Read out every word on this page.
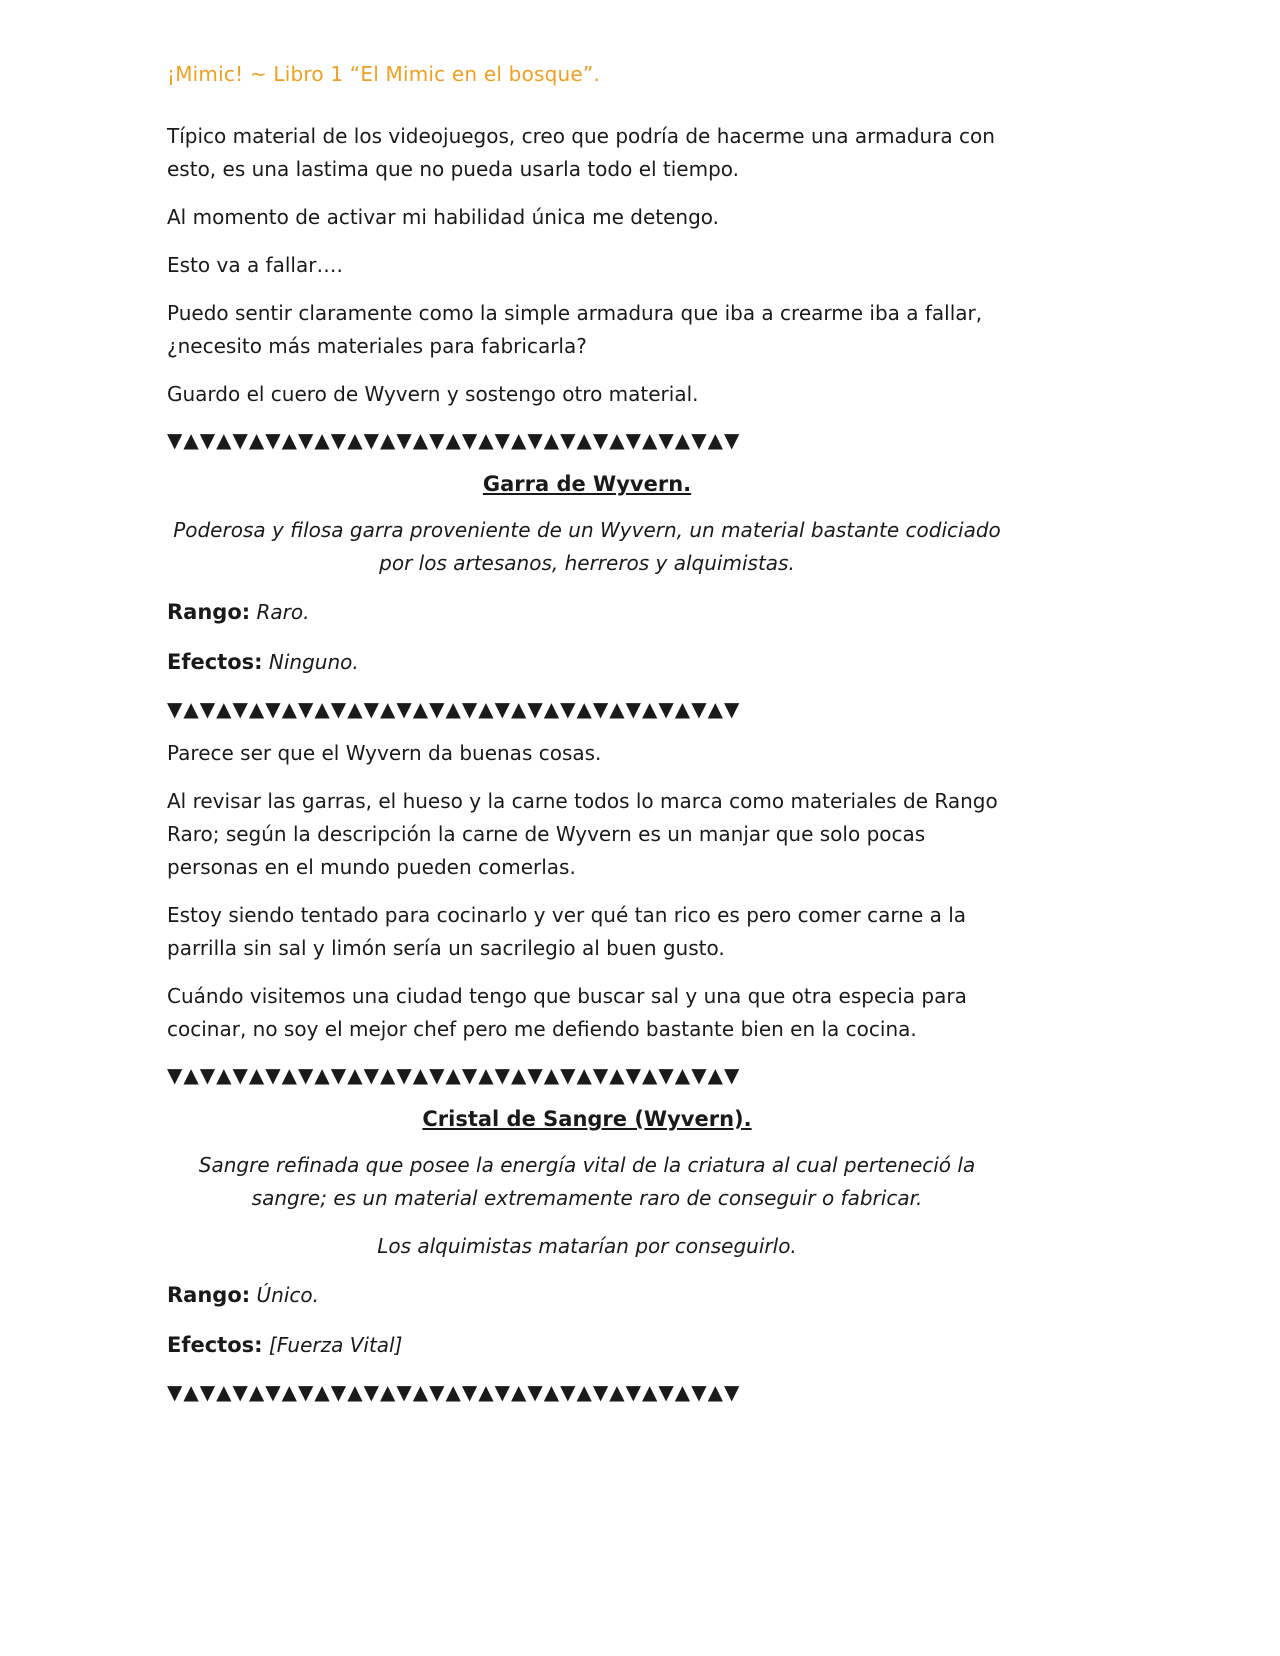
¡Mimic! ~ Libro 1 “El Mimic en el bosque”.

Típico material de los videojuegos, creo que podría de hacerme una armadura con esto, es una lastima que no pueda usarla todo el tiempo.

Al momento de activar mi habilidad única me detengo.

Esto va a fallar….

Puedo sentir claramente como la simple armadura que iba a crearme iba a fallar, ¿necesito más materiales para fabricarla?

Guardo el cuero de Wyvern y sostengo otro material.

▼▲▼▲▼▲▼▲▼▲▼▲▼▲▼▲▼▲▼▲▼▲▼▲▼▲▼▲▼▲▼▲▼▲▼
Garra de Wyvern.

Poderosa y filosa garra proveniente de un Wyvern, un material bastante codiciado por los artesanos, herreros y alquimistas.

Rango: Raro.
Efectos: Ninguno.
▼▲▼▲▼▲▼▲▼▲▼▲▼▲▼▲▼▲▼▲▼▲▼▲▼▲▼▲▼▲▼▲▼▲▼

Parece ser que el Wyvern da buenas cosas.

Al revisar las garras, el hueso y la carne todos lo marca como materiales de Rango Raro; según la descripción la carne de Wyvern es un manjar que solo pocas personas en el mundo pueden comerlas.

Estoy siendo tentado para cocinarlo y ver qué tan rico es pero comer carne a la parrilla sin sal y limón sería un sacrilegio al buen gusto.

Cuándo visitemos una ciudad tengo que buscar sal y una que otra especia para cocinar, no soy el mejor chef pero me defiendo bastante bien en la cocina.

▼▲▼▲▼▲▼▲▼▲▼▲▼▲▼▲▼▲▼▲▼▲▼▲▼▲▼▲▼▲▼▲▼▲▼
Cristal de Sangre (Wyvern).

Sangre refinada que posee la energía vital de la criatura al cual perteneció la sangre; es un material extremamente raro de conseguir o fabricar.

Los alquimistas matarían por conseguirlo.

Rango: Único.
Efectos: [Fuerza Vital]
▼▲▼▲▼▲▼▲▼▲▼▲▼▲▼▲▼▲▼▲▼▲▼▲▼▲▼▲▼▲▼▲▼▲▼
